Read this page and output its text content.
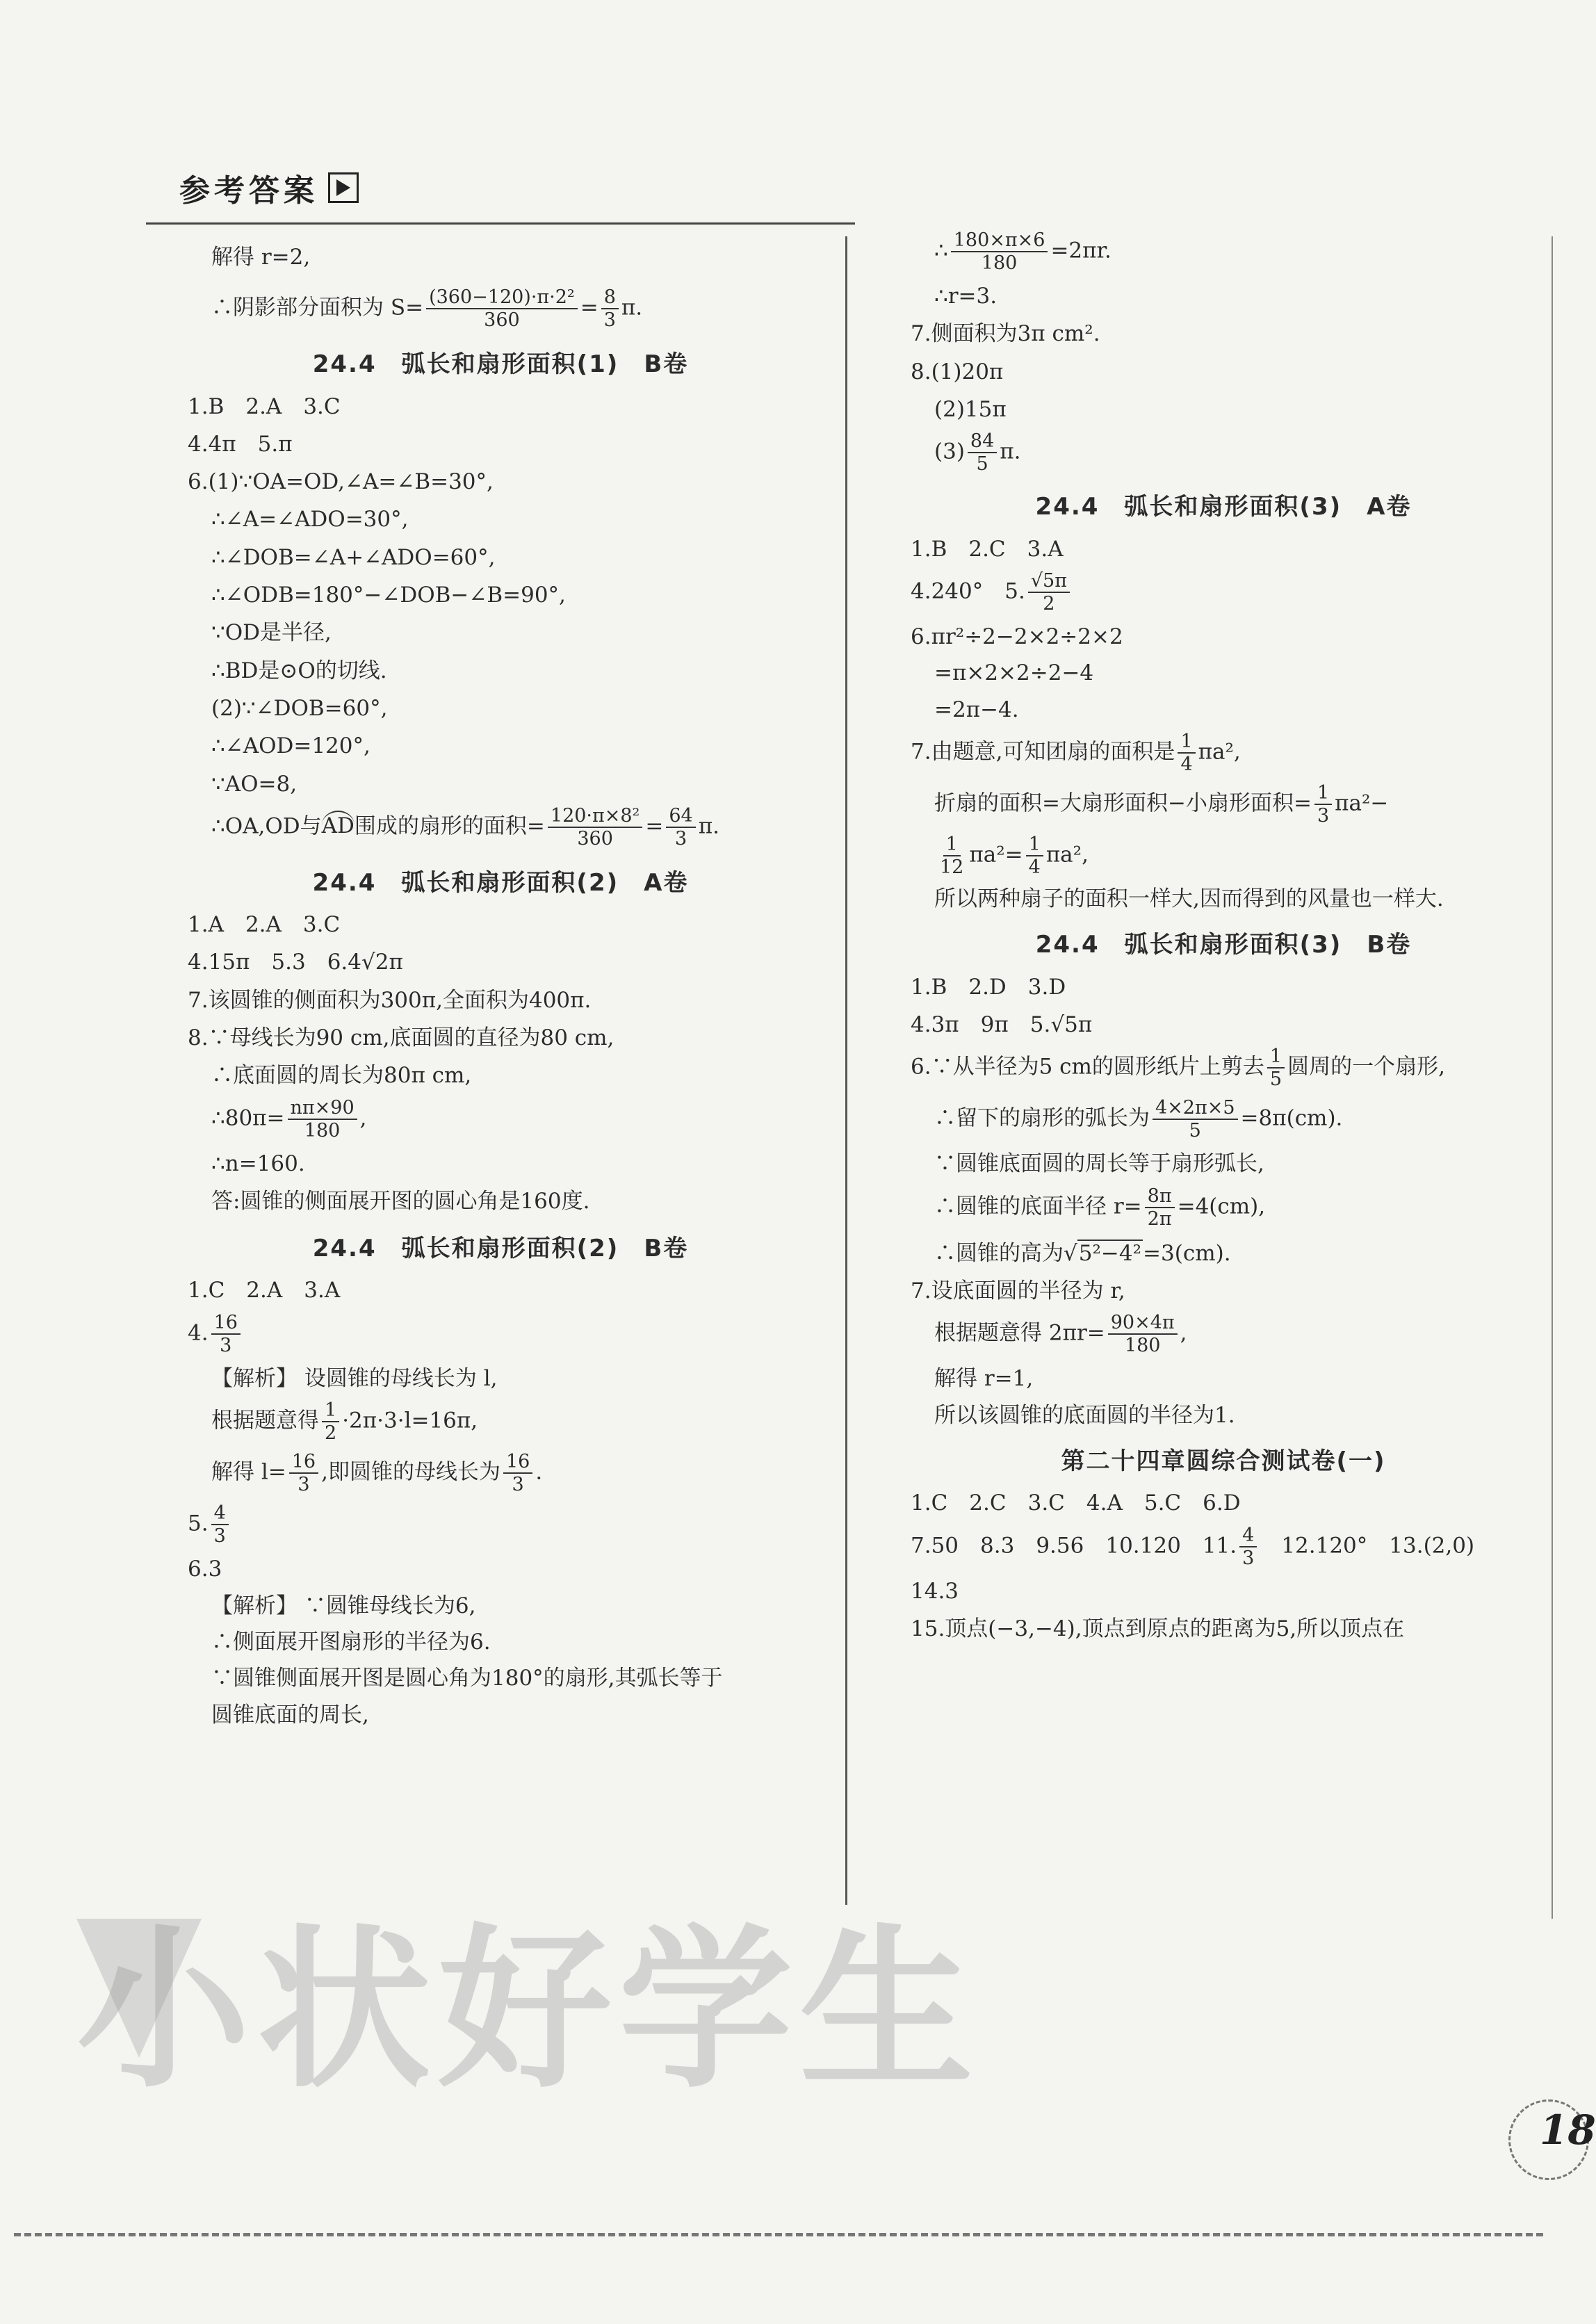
参考答案
解得 r=2,
∴阴影部分面积为 $S= \frac{\text{(360−120)·π·2²}}{360} = \frac{8}{3} \pi$.
24.4　弧长和扇形面积(1)　B卷
1.B　2.A　3.C
4.4π　5.π
6.(1)∵OA=OD,∠A=∠B=30°,
∴∠A=∠ADO=30°,
∴∠DOB=∠A+∠ADO=60°,
∴∠ODB=180°−∠DOB−∠B=90°,
∵OD是半径,
∴BD是⊙O的切线.
(2)∵∠DOB=60°,
∴∠AOD=120°,
∵AO=8,
∴OA,OD与AD围成的扇形的面积= $\frac{\text{120·π×8²}}{360} = \frac{64}{3} \pi$.
24.4　弧长和扇形面积(2)　A卷
1.A　2.A　3.C
4.15π　5.3　6.4√2π
7.该圆锥的侧面积为300π,全面积为400π.
8.∵母线长为90 cm,底面圆的直径为80 cm,
∴底面圆的周长为80π cm,
∴80π= $\frac{n\pi\times 90}{180}$ ,
∴n=160.
答:圆锥的侧面展开图的圆心角是160度.
24.4　弧长和扇形面积(2)　B卷
1.C　2.A　3.A
4. $\frac{16}{3}$
【解析】 设圆锥的母线长为 l,
根据题意得 $\frac{1}{2} \cdot 2\pi\cdot 3\cdot l=16\pi$,
解得 $l= \frac{16}{3}$ ,即圆锥的母线长为 $\frac{16}{3}$ .
5. $\frac{4}{3}$
6.3
【解析】 ∵圆锥母线长为6,
∴侧面展开图扇形的半径为6.
∵圆锥侧面展开图是圆心角为180°的扇形,其弧长等于
圆锥底面的周长,
∴ $\frac{180\times\pi\times 6}{180} =2\pi r$.
∴r=3.
7.侧面积为3π cm².
8.(1)20π
(2)15π
$(3) \frac{84}{5} \pi$.
24.4　弧长和扇形面积(3)　A卷
1.B　2.C　3.A
4.240°　5. $\frac{√5\pi}{2}$
6.πr²÷2−2×2÷2×2
=π×2×2÷2−4
=2π−4.
7.由题意,可知团扇的面积是 $\frac{1}{4} \pi a^2$,
折扇的面积=大扇形面积−小扇形面积= $\frac{1}{3} \pi a^2-$
$\frac{1}{12} \pi a^2= \frac{1}{4} \pi a^2$,
所以两种扇子的面积一样大,因而得到的风量也一样大.
24.4　弧长和扇形面积(3)　B卷
1.B　2.D　3.D
4.3π　9π　5.√5π
6.∵从半径为5 cm的圆形纸片上剪去 $\frac{1}{5}$ 圆周的一个扇形,
∴留下的扇形的弧长为 $\frac{4\times 2\pi\times 5}{5} =8\pi(cm)$.
∵圆锥底面圆的周长等于扇形弧长,
∴圆锥的底面半径 $r= \frac{8\pi}{2\pi} =4(cm)$,
∴圆锥的高为√5²−4²=3(cm).
7.设底面圆的半径为 r,
根据题意得 $2\pi r= \frac{90\times 4\pi}{180}$ ,
解得 r=1,
所以该圆锥的底面圆的半径为1.
第二十四章圆综合测试卷(一)
1.C　2.C　3.C　4.A　5.C　6.D
7.50　8.3　9.56　10.120　11. $\frac{4}{3}$ 　12.120°　13.(2,0)
14.3
15.顶点(−3,−4),顶点到原点的距离为5,所以顶点在
小状好学生
18
